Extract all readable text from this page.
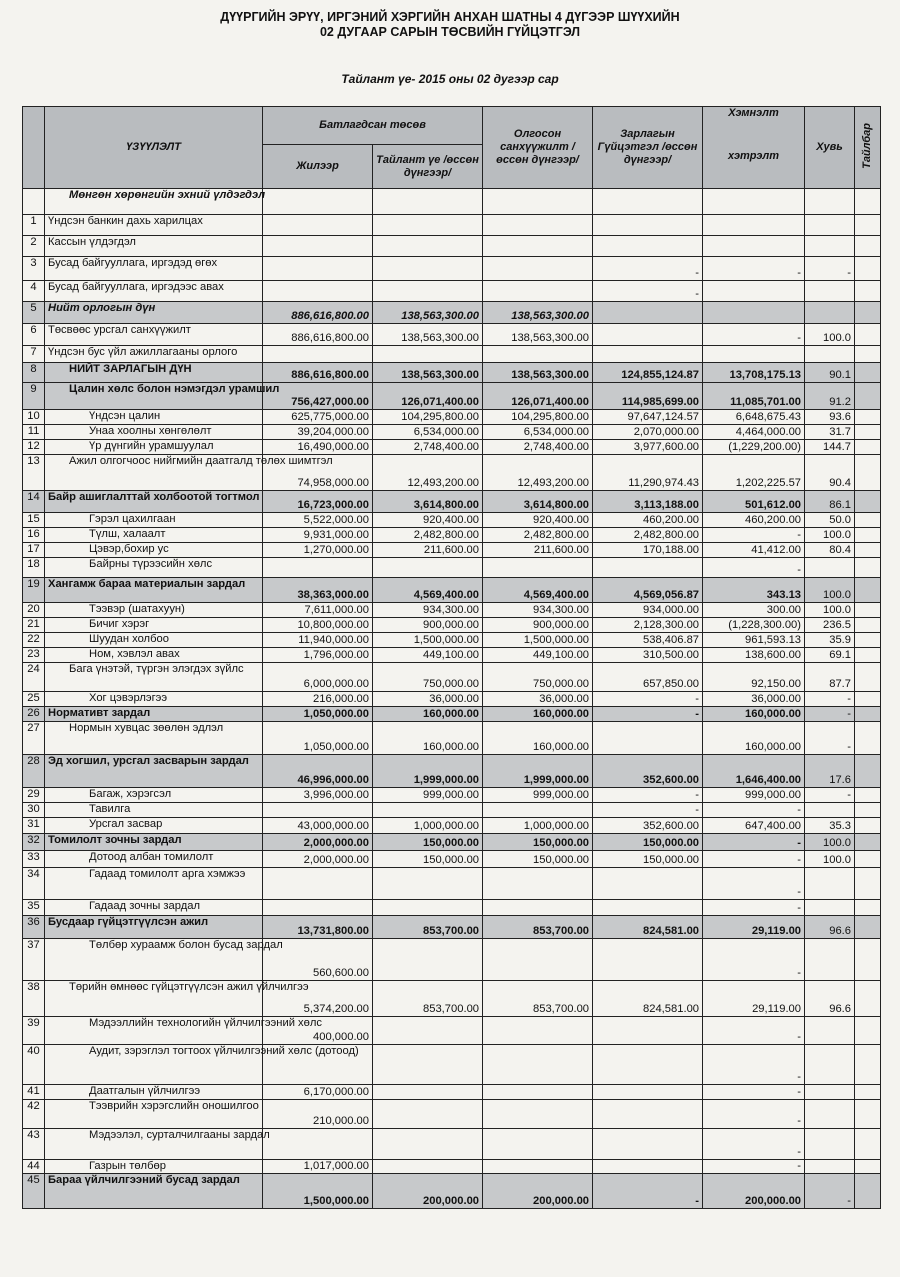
ДҮҮРГИЙН ЭРҮҮ, ИРГЭНИЙ ХЭРГИЙН АНХАН ШАТНЫ 4 ДҮГЭЭР ШҮҮХИЙН
02 ДУГААР САРЫН ТӨСВИЙН ГҮЙЦЭТГЭЛ
Тайлант үе- 2015 оны 02 дугээр сар
	ҮЗҮҮЛЭЛТ	Батлагдсан төсөв		Олгосон санхүүжилт /өссөн дүнгээр/	Зарлагын Гүйцэтгэл /өссөн дүнгээр/	Хэмнэлт
хэтрэлт	Хувь	Тайлбар
		Жилээр	Тайлант үе /өссөн дүнгээр/					
	Мөнгөн хөрөнгийн эхний үлдэгдэл							
1	Үндсэн банкин дахь харилцах							
2	Кассын үлдэгдэл							
3	Бусад байгууллага, иргэдэд өгөх				-	-	-	
4	Бусад байгууллага, иргэдээс авах				-			
5	Нийт орлогын дүн	886,616,800.00	138,563,300.00	138,563,300.00				
6	Төсвөөс урсгал санхүүжилт	886,616,800.00	138,563,300.00	138,563,300.00		-	100.0	
7	Үндсэн бус үйл ажиллагааны орлого							
8	НИЙТ ЗАРЛАГЫН ДҮН	886,616,800.00	138,563,300.00	138,563,300.00	124,855,124.87	13,708,175.13	90.1	
9	Цалин хөлс болон нэмэгдэл урамшил	756,427,000.00	126,071,400.00	126,071,400.00	114,985,699.00	11,085,701.00	91.2	
10	Үндсэн цалин	625,775,000.00	104,295,800.00	104,295,800.00	97,647,124.57	6,648,675.43	93.6	
11	Унаа хоолны хөнгөлөлт	39,204,000.00	6,534,000.00	6,534,000.00	2,070,000.00	4,464,000.00	31.7	
12	Үр дүнгийн урамшуулал	16,490,000.00	2,748,400.00	2,748,400.00	3,977,600.00	(1,229,200.00)	144.7	
13	Ажил олгогчоос нийгмийн даатгалд төлөх шимтгэл	74,958,000.00	12,493,200.00	12,493,200.00	11,290,974.43	1,202,225.57	90.4	
14	Байр ашиглалттай холбоотой тогтмол	16,723,000.00	3,614,800.00	3,614,800.00	3,113,188.00	501,612.00	86.1	
15	Гэрэл цахилгаан	5,522,000.00	920,400.00	920,400.00	460,200.00	460,200.00	50.0	
16	Түлш, халаалт	9,931,000.00	2,482,800.00	2,482,800.00	2,482,800.00	-	100.0	
17	Цэвэр,бохир ус	1,270,000.00	211,600.00	211,600.00	170,188.00	41,412.00	80.4	
18	Байрны түрээсийн хөлс					-		
19	Хангамж бараа материалын зардал	38,363,000.00	4,569,400.00	4,569,400.00	4,569,056.87	343.13	100.0	
20	Тээвэр (шатахуун)	7,611,000.00	934,300.00	934,300.00	934,000.00	300.00	100.0	
21	Бичиг хэрэг	10,800,000.00	900,000.00	900,000.00	2,128,300.00	(1,228,300.00)	236.5	
22	Шуудан холбоо	11,940,000.00	1,500,000.00	1,500,000.00	538,406.87	961,593.13	35.9	
23	Ном, хэвлэл авах	1,796,000.00	449,100.00	449,100.00	310,500.00	138,600.00	69.1	
24	Бага үнэтэй, түргэн элэгдэх зүйлс	6,000,000.00	750,000.00	750,000.00	657,850.00	92,150.00	87.7	
25	Хог цэвэрлэгээ	216,000.00	36,000.00	36,000.00	-	36,000.00	-	
26	Нормативт зардал	1,050,000.00	160,000.00	160,000.00	-	160,000.00	-	
27	Нормын хувцас зөөлөн эдлэл	1,050,000.00	160,000.00	160,000.00		160,000.00	-	
28	Эд хогшил, урсгал засварын зардал	46,996,000.00	1,999,000.00	1,999,000.00	352,600.00	1,646,400.00	17.6	
29	Багаж, хэрэгсэл	3,996,000.00	999,000.00	999,000.00	-	999,000.00	-	
30	Тавилга				-	-		
31	Урсгал засвар	43,000,000.00	1,000,000.00	1,000,000.00	352,600.00	647,400.00	35.3	
32	Томилолт зочны зардал	2,000,000.00	150,000.00	150,000.00	150,000.00	-	100.0	
33	Дотоод албан томилолт	2,000,000.00	150,000.00	150,000.00	150,000.00	-	100.0	
34	Гадаад томилолт арга хэмжээ					-		
35	Гадаад зочны зардал					-		
36	Бусдаар гүйцэтгүүлсэн ажил	13,731,800.00	853,700.00	853,700.00	824,581.00	29,119.00	96.6	
37	Төлбөр хураамж болон бусад зардал	560,600.00				-		
38	Төрийн өмнөөс гүйцэтгүүлсэн ажил үйлчилгээ	5,374,200.00	853,700.00	853,700.00	824,581.00	29,119.00	96.6	
39	Мэдээллийн технологийн үйлчилгээний хөлс	400,000.00				-		
40	Аудит, зэрэглэл тогтоох үйлчилгээний хөлс (дотоод)					-		
41	Даатгалын үйлчилгээ	6,170,000.00				-		
42	Тээврийн хэрэгслийн оношилгоо	210,000.00				-		
43	Мэдээлэл, сурталчилгааны зардал					-		
44	Газрын төлбөр	1,017,000.00				-		
45	Бараа үйлчилгээний бусад зардал	1,500,000.00	200,000.00	200,000.00	-	200,000.00	-	
